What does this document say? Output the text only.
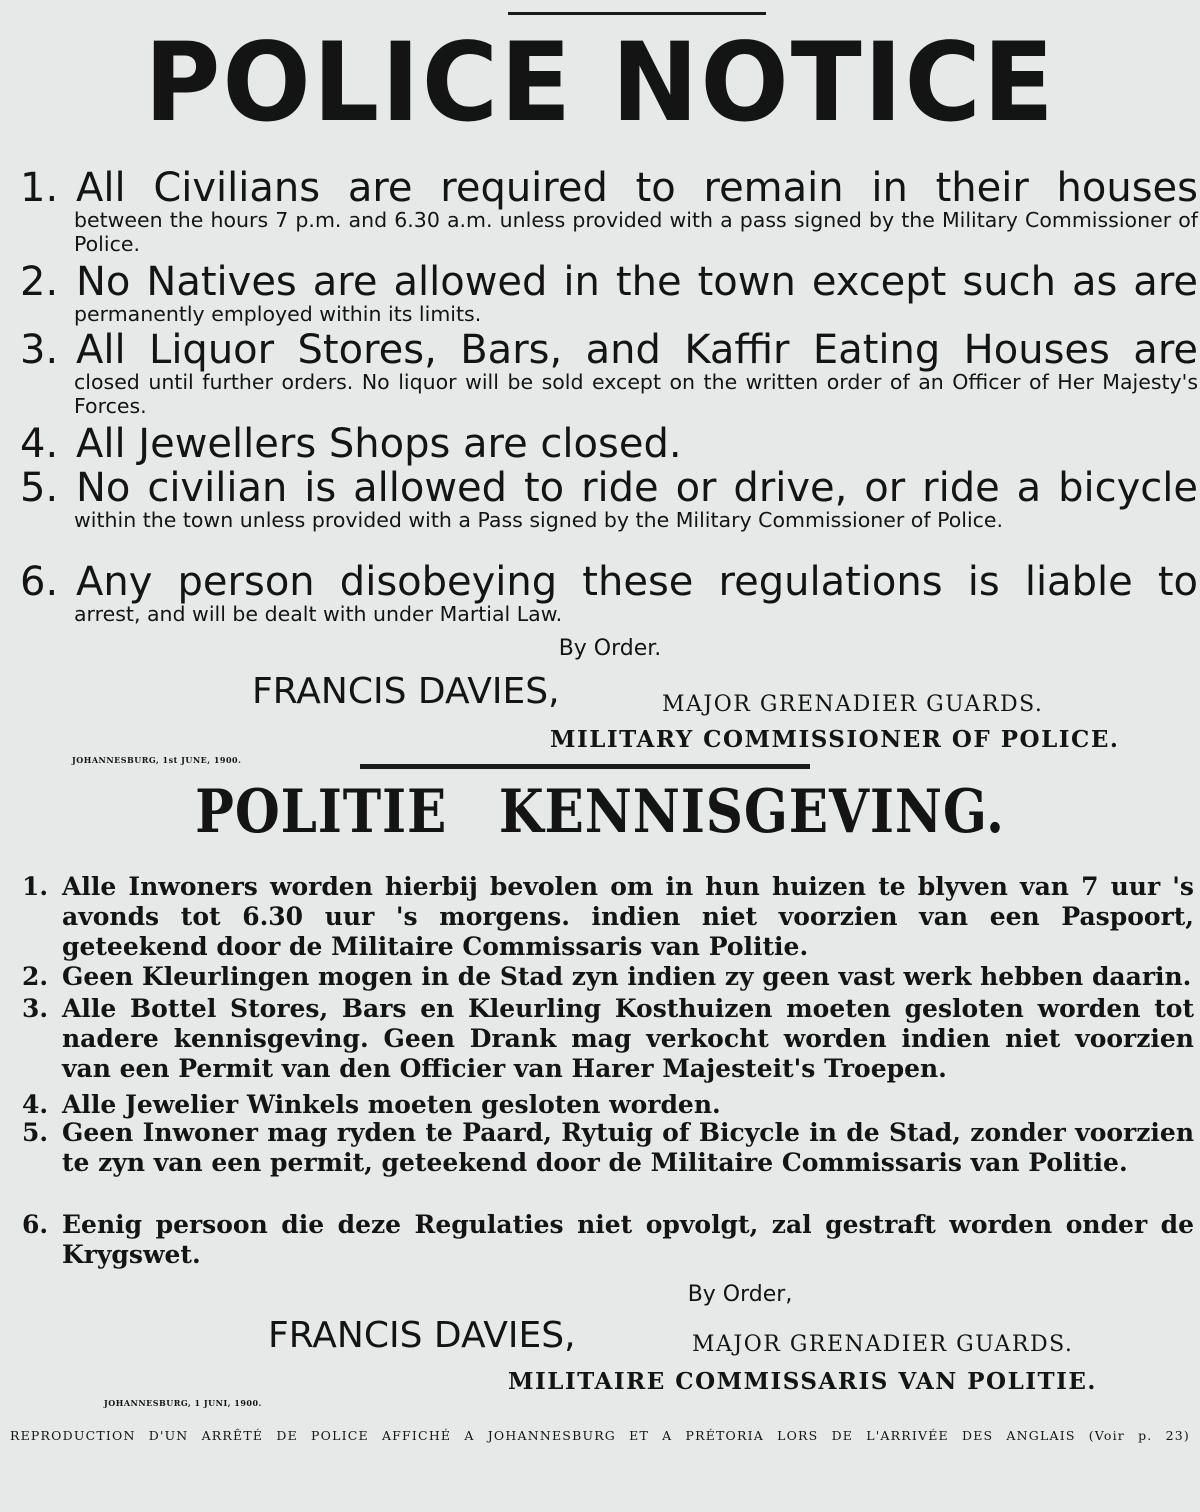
POLICE NOTICE
1. All Civilians are required to remain in their houses
between the hours 7 p.m. and 6.30 a.m. unless provided with a pass signed by the Military Commissioner of Police.
2. No Natives are allowed in the town except such as are
permanently employed within its limits.
3. All Liquor Stores, Bars, and Kaffir Eating Houses are
closed until further orders. No liquor will be sold except on the written order of an Officer of Her Majesty's Forces.
4. All Jewellers Shops are closed.
5. No civilian is allowed to ride or drive, or ride a bicycle
within the town unless provided with a Pass signed by the Military Commissioner of Police.
6. Any person disobeying these regulations is liable to
arrest, and will be dealt with under Martial Law.
By Order.
FRANCIS DAVIES,	MAJOR GRENADIER GUARDS.
MILITARY COMMISSIONER OF POLICE.
JOHANNESBURG, 1st JUNE, 1900.
POLITIE KENNISGEVING.
1. Alle Inwoners worden hierbij bevolen om in hun huizen te blyven van 7 uur 's avonds tot 6.30 uur 's morgens. indien niet voorzien van een Paspoort, geteekend door de Militaire Commissaris van Politie.
2. Geen Kleurlingen mogen in de Stad zyn indien zy geen vast werk hebben daarin.
3. Alle Bottel Stores, Bars en Kleurling Kosthuizen moeten gesloten worden tot nadere kennisgeving. Geen Drank mag verkocht worden indien niet voorzien van een Permit van den Officier van Harer Majesteit's Troepen.
4. Alle Jewelier Winkels moeten gesloten worden.
5. Geen Inwoner mag ryden te Paard, Rytuig of Bicycle in de Stad, zonder voorzien te zyn van een permit, geteekend door de Militaire Commissaris van Politie.
6. Eenig persoon die deze Regulaties niet opvolgt, zal gestraft worden onder de Krygswet.
By Order,
FRANCIS DAVIES,	MAJOR GRENADIER GUARDS.
MILITAIRE COMMISSARIS VAN POLITIE.
JOHANNESBURG, 1 JUNI, 1900.
REPRODUCTION D'UN ARRÊTÉ DE POLICE AFFICHÉ A JOHANNESBURG ET A PRÉTORIA LORS DE L'ARRIVÉE DES ANGLAIS (Voir p. 23)
